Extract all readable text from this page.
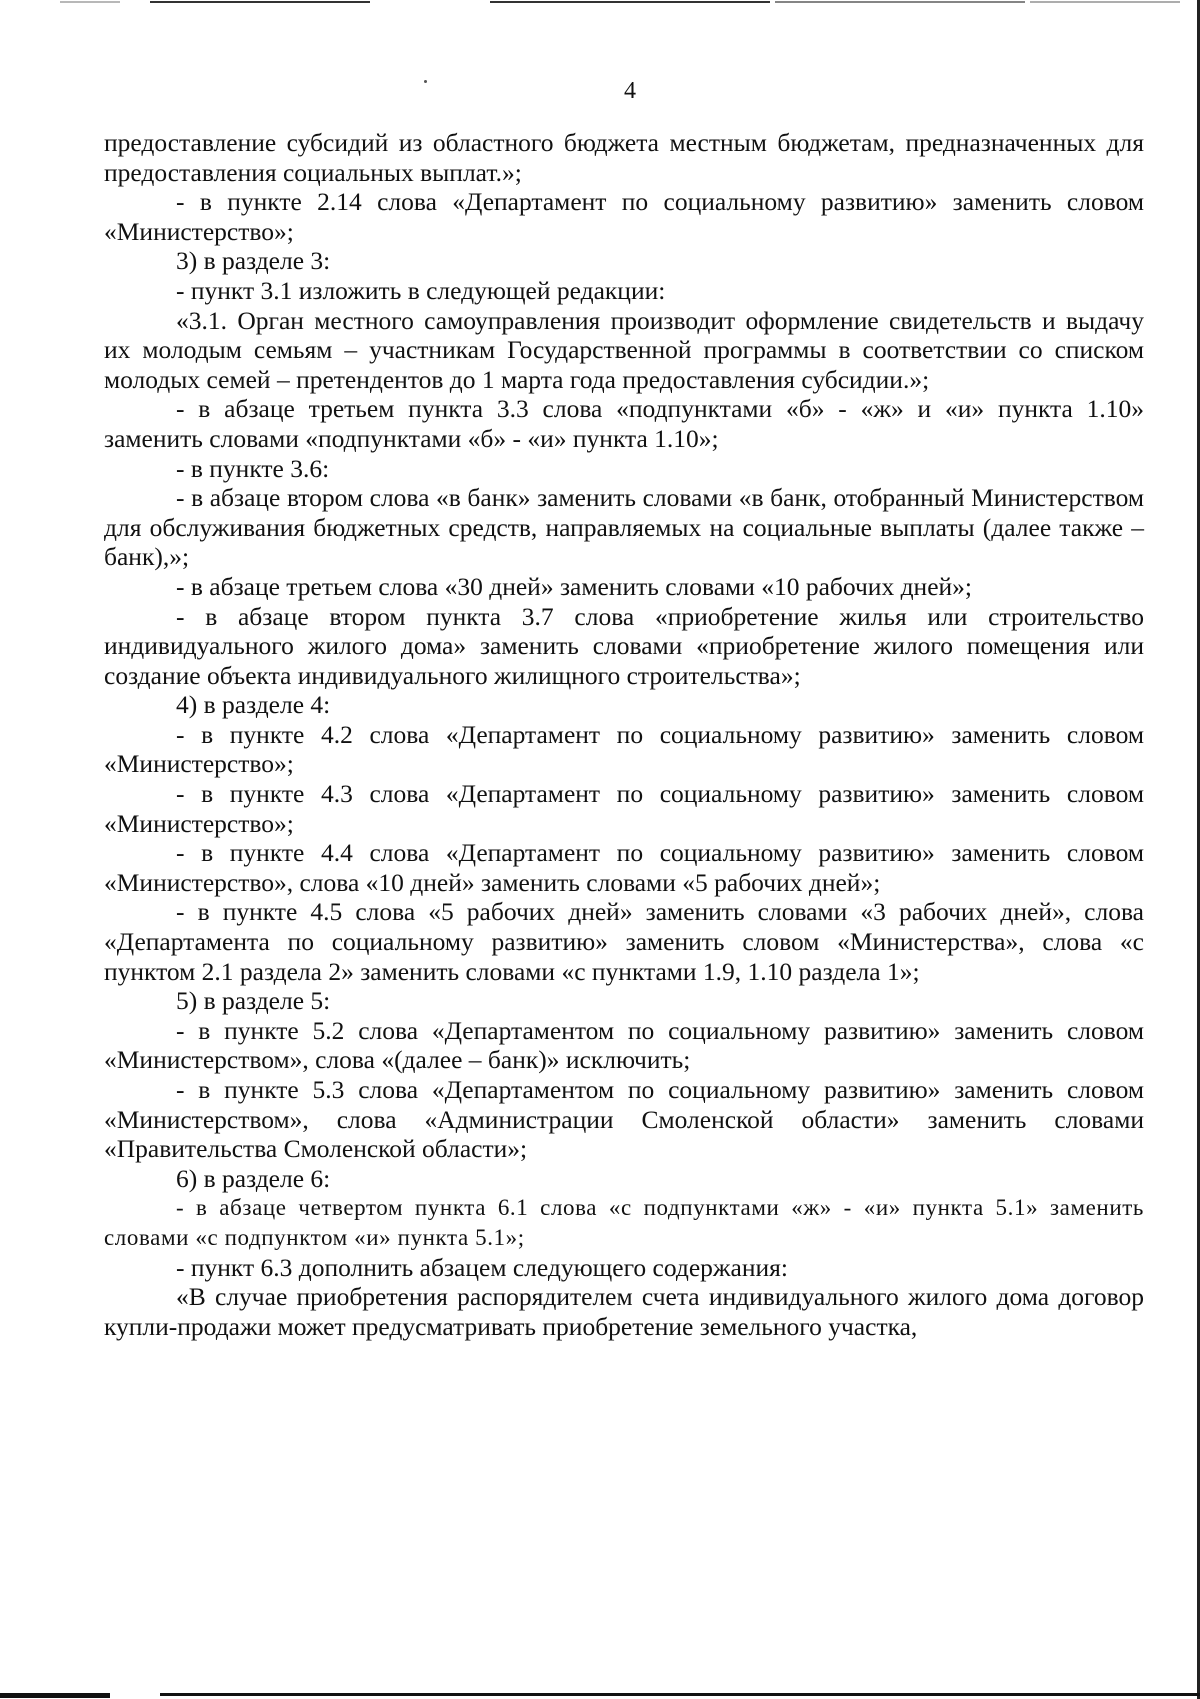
4

предоставление субсидий из областного бюджета местным бюджетам, предназначенных для предоставления социальных выплат.»;

- в пункте 2.14 слова «Департамент по социальному развитию» заменить словом «Министерство»;

3) в разделе 3:

- пункт 3.1 изложить в следующей редакции:

«3.1. Орган местного самоуправления производит оформление свидетельств и выдачу их молодым семьям – участникам Государственной программы в соответствии со списком молодых семей – претендентов до 1 марта года предоставления субсидии.»;

- в абзаце третьем пункта 3.3 слова «подпунктами «б» - «ж» и «и» пункта 1.10» заменить словами «подпунктами «б» - «и» пункта 1.10»;

- в пункте 3.6:

- в абзаце втором слова «в банк» заменить словами «в банк, отобранный Министерством для обслуживания бюджетных средств, направляемых на социальные выплаты (далее также – банк),»;

- в абзаце третьем слова «30 дней» заменить словами «10 рабочих дней»;

- в абзаце втором пункта 3.7 слова «приобретение жилья или строительство индивидуального жилого дома» заменить словами «приобретение жилого помещения или создание объекта индивидуального жилищного строительства»;

4) в разделе 4:

- в пункте 4.2 слова «Департамент по социальному развитию» заменить словом «Министерство»;

- в пункте 4.3 слова «Департамент по социальному развитию» заменить словом «Министерство»;

- в пункте 4.4 слова «Департамент по социальному развитию» заменить словом «Министерство», слова «10 дней» заменить словами «5 рабочих дней»;

- в пункте 4.5 слова «5 рабочих дней» заменить словами «3 рабочих дней», слова «Департамента по социальному развитию» заменить словом «Министерства», слова «с пунктом 2.1 раздела 2» заменить словами «с пунктами 1.9, 1.10 раздела 1»;

5) в разделе 5:

- в пункте 5.2 слова «Департаментом по социальному развитию» заменить словом «Министерством», слова «(далее – банк)» исключить;

- в пункте 5.3 слова «Департаментом по социальному развитию» заменить словом «Министерством», слова «Администрации Смоленской области» заменить словами «Правительства Смоленской области»;

6) в разделе 6:

- в абзаце четвертом пункта 6.1 слова «с подпунктами «ж» - «и» пункта 5.1» заменить словами «с подпунктом «и» пункта 5.1»;

- пункт 6.3 дополнить абзацем следующего содержания:

«В случае приобретения распорядителем счета индивидуального жилого дома договор купли-продажи может предусматривать приобретение земельного участка,
